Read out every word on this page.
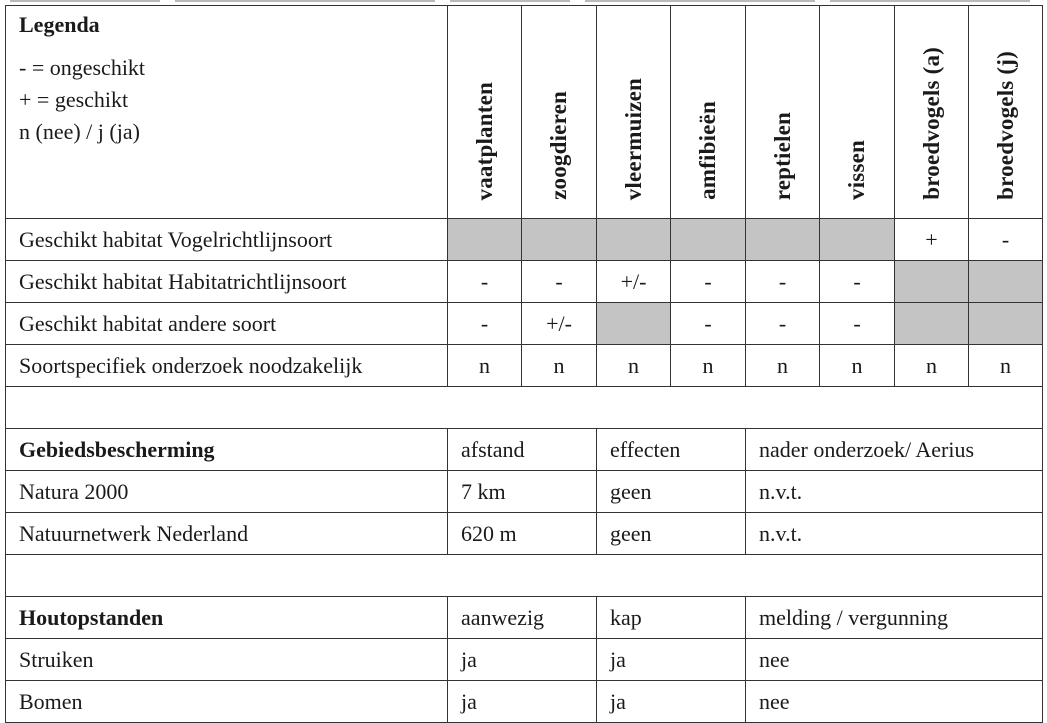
Legenda
- = ongeschikt
+ = geschikt
n (nee) / j (ja)	vaatplanten	zoogdieren	vleermuizen	amfibieën	reptielen	vissen	broedvogels (a)	broedvogels (j)
Geschikt habitat Vogelrichtlijnsoort							+	-
Geschikt habitat Habitatrichtlijnsoort	-	-	+/-	-	-	-		
Geschikt habitat andere soort	-	+/-		-	-	-		
Soortspecifiek onderzoek noodzakelijk	n	n	n	n	n	n	n	n

Gebiedsbescherming	afstand		effecten		nader onderzoek/ Aerius			
Natura 2000	7 km		geen		n.v.t.			
Natuurnetwerk Nederland	620 m		geen		n.v.t.			

Houtopstanden	aanwezig		kap		melding / vergunning			
Struiken	ja		ja		nee			
Bomen	ja		ja		nee			
